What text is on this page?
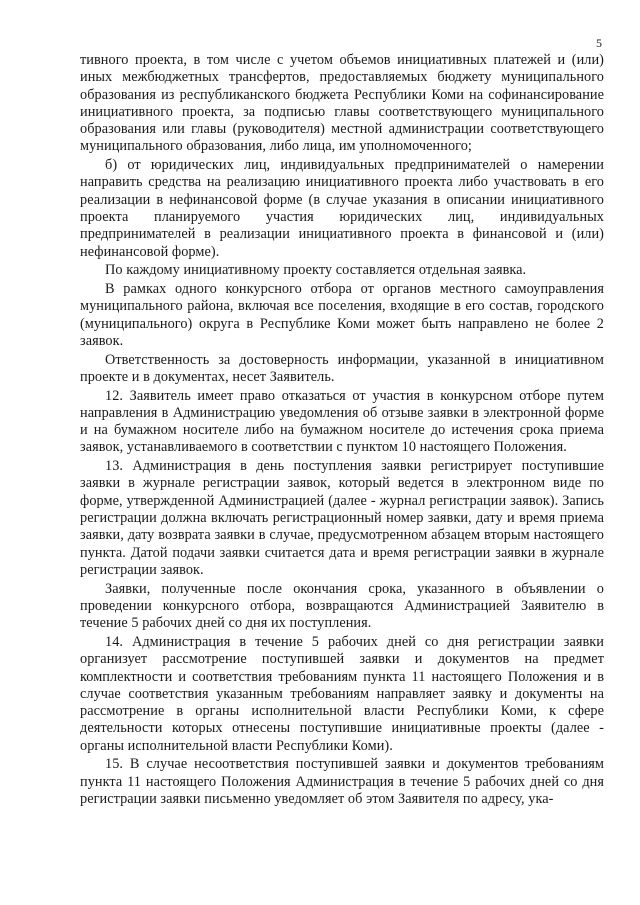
5

тивного проекта, в том числе с учетом объемов инициативных платежей и (или) иных межбюджетных трансфертов, предоставляемых бюджету муниципального образования из республиканского бюджета Республики Коми на софинансирование инициативного проекта, за подписью главы соответствующего муниципального образования или главы (руководителя) местной администрации соответствующего муниципального образования, либо лица, им уполномоченного;

б) от юридических лиц, индивидуальных предпринимателей о намерении направить средства на реализацию инициативного проекта либо участвовать в его реализации в нефинансовой форме (в случае указания в описании инициативного проекта планируемого участия юридических лиц, индивидуальных предпринимателей в реализации инициативного проекта в финансовой и (или) нефинансовой форме).

По каждому инициативному проекту составляется отдельная заявка.

В рамках одного конкурсного отбора от органов местного самоуправления муниципального района, включая все поселения, входящие в его состав, городского (муниципального) округа в Республике Коми может быть направлено не более 2 заявок.

Ответственность за достоверность информации, указанной в инициативном проекте и в документах, несет Заявитель.

12. Заявитель имеет право отказаться от участия в конкурсном отборе путем направления в Администрацию уведомления об отзыве заявки в электронной форме и на бумажном носителе либо на бумажном носителе до истечения срока приема заявок, устанавливаемого в соответствии с пунктом 10 настоящего Положения.

13. Администрация в день поступления заявки регистрирует поступившие заявки в журнале регистрации заявок, который ведется в электронном виде по форме, утвержденной Администрацией (далее - журнал регистрации заявок). Запись регистрации должна включать регистрационный номер заявки, дату и время приема заявки, дату возврата заявки в случае, предусмотренном абзацем вторым настоящего пункта. Датой подачи заявки считается дата и время регистрации заявки в журнале регистрации заявок.

Заявки, полученные после окончания срока, указанного в объявлении о проведении конкурсного отбора, возвращаются Администрацией Заявителю в течение 5 рабочих дней со дня их поступления.

14. Администрация в течение 5 рабочих дней со дня регистрации заявки организует рассмотрение поступившей заявки и документов на предмет комплектности и соответствия требованиям пункта 11 настоящего Положения и в случае соответствия указанным требованиям направляет заявку и документы на рассмотрение в органы исполнительной власти Республики Коми, к сфере деятельности которых отнесены поступившие инициативные проекты (далее - органы исполнительной власти Республики Коми).

15. В случае несоответствия поступившей заявки и документов требованиям пункта 11 настоящего Положения Администрация в течение 5 рабочих дней со дня регистрации заявки письменно уведомляет об этом Заявителя по адресу, ука-
